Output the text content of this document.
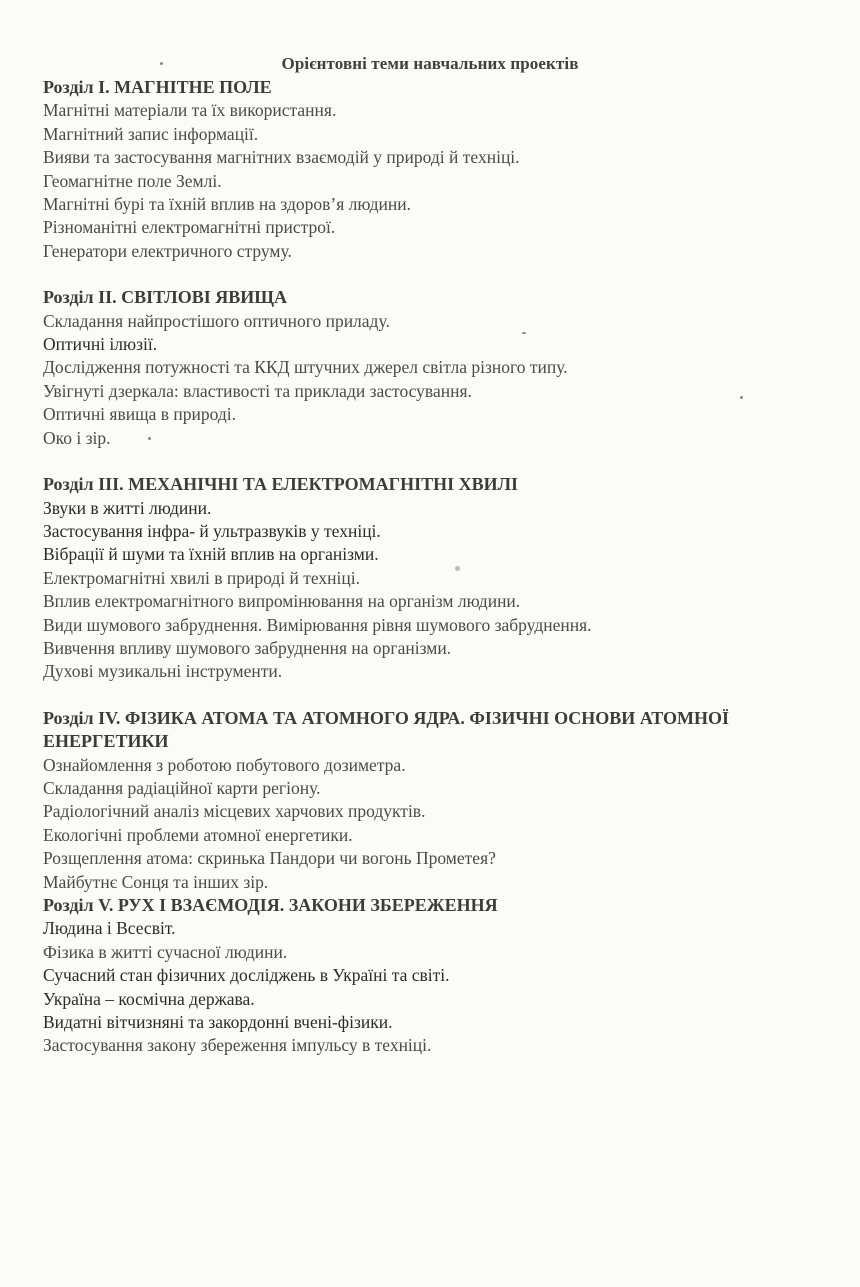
Орієнтовні теми навчальних проектів
Розділ І. МАГНІТНЕ ПОЛЕ
Магнітні матеріали та їх використання.
Магнітний запис інформації.
Вияви та застосування магнітних взаємодій у природі й техніці.
Геомагнітне поле Землі.
Магнітні бурі та їхній вплив на здоров’я людини.
Різноманітні електромагнітні пристрої.
Генератори електричного струму.
Розділ ІІ. СВІТЛОВІ ЯВИЩА
Складання найпростішого оптичного приладу.
Оптичні ілюзії.
Дослідження потужності та ККД штучних джерел світла різного типу.
Увігнуті дзеркала: властивості та приклади застосування.
Оптичні явища в природі.
Око і зір.
Розділ ІІІ. МЕХАНІЧНІ ТА ЕЛЕКТРОМАГНІТНІ ХВИЛІ
Звуки в житті людини.
Застосування інфра- й ультразвуків у техніці.
Вібрації й шуми та їхній вплив на організми.
Електромагнітні хвилі в природі й техніці.
Вплив електромагнітного випромінювання на організм людини.
Види шумового забруднення. Вимірювання рівня шумового забруднення.
Вивчення впливу шумового забруднення на організми.
Духові музикальні інструменти.
Розділ IV. ФІЗИКА АТОМА ТА АТОМНОГО ЯДРА. ФІЗИЧНІ ОСНОВИ АТОМНОЇ ЕНЕРГЕТИКИ
Ознайомлення з роботою побутового дозиметра.
Складання радіаційної карти регіону.
Радіологічний аналіз місцевих харчових продуктів.
Екологічні проблеми атомної енергетики.
Розщеплення атома: скринька Пандори чи вогонь Прометея?
Майбутнє Сонця та інших зір.
Розділ V. РУХ І ВЗАЄМОДІЯ. ЗАКОНИ ЗБЕРЕЖЕННЯ
Людина і Всесвіт.
Фізика в житті сучасної людини.
Сучасний стан фізичних досліджень в Україні та світі.
Україна – космічна держава.
Видатні вітчизняні та закордонні вчені-фізики.
Застосування закону збереження імпульсу в техніці.
